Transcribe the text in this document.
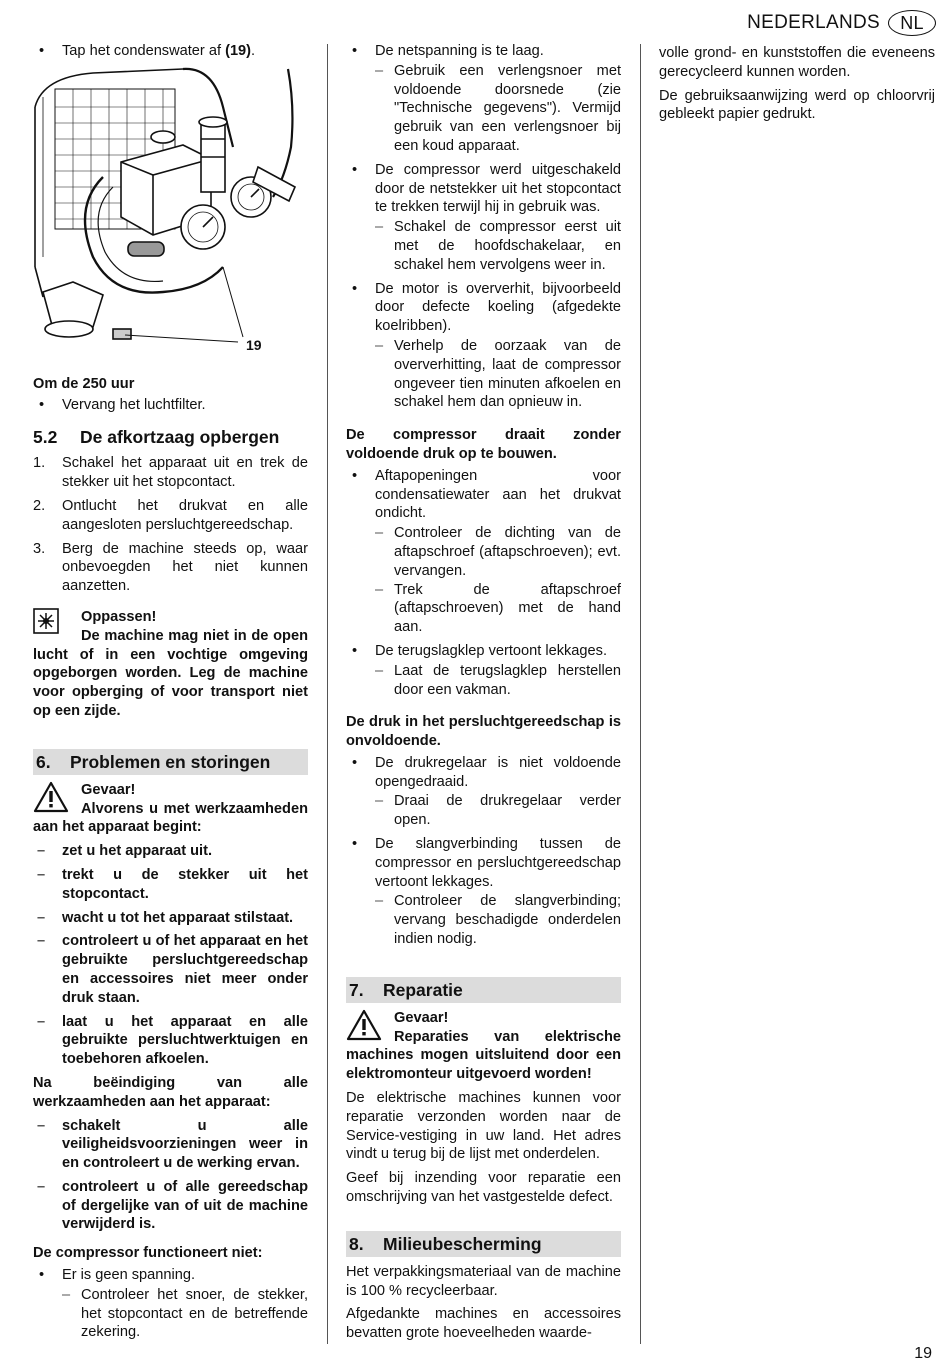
NEDERLANDS	NL
• Tap het condenswater af (19).
19

Om de 250 uur

• Vervang het luchtfilter.
5.2 De afkortzaag opbergen
1. Schakel het apparaat uit en trek de stekker uit het stopcontact.
2. Ontlucht het drukvat en alle aangesloten persluchtgereedschap.
3. Berg de machine steeds op, waar onbevoegden het niet kunnen aanzetten.
Oppassen!
De machine mag niet in de open lucht of in een vochtige omgeving opgeborgen worden. Leg de machine voor opberging of voor transport niet op een zijde.
6. Problemen en storingen
Gevaar!
Alvorens u met werkzaamheden aan het apparaat begint:
– zet u het apparaat uit.
– trekt u de stekker uit het stopcontact.
– wacht u tot het apparaat stilstaat.
– controleert u of het apparaat en het gebruikte persluchtgereedschap en accessoires niet meer onder druk staan.
– laat u het apparaat en alle gebruikte persluchtwerktuigen en toebehoren afkoelen.

Na beëindiging van alle werkzaamheden aan het apparaat:

– schakelt u alle veiligheidsvoorzieningen weer in en controleert u de werking ervan.
– controleert u of alle gereedschap of dergelijke van of uit de machine verwijderd is.

De compressor functioneert niet:

• Er is geen spanning.
– Controleer het snoer, de stekker, het stopcontact en de betreffende zekering.
• De netspanning is te laag.
– Gebruik een verlengsnoer met voldoende doorsnede (zie "Technische gegevens"). Vermijd gebruik van een verlengsnoer bij een koud apparaat.
• De compressor werd uitgeschakeld door de netstekker uit het stopcontact te trekken terwijl hij in gebruik was.
– Schakel de compressor eerst uit met de hoofdschakelaar, en schakel hem vervolgens weer in.
• De motor is oververhit, bijvoorbeeld door defecte koeling (afgedekte koelribben).
– Verhelp de oorzaak van de oververhitting, laat de compressor ongeveer tien minuten afkoelen en schakel hem dan opnieuw in.

De compressor draait zonder voldoende druk op te bouwen.

• Aftapopeningen voor condensatiewater aan het drukvat ondicht.
– Controleer de dichting van de aftapschroef (aftapschroeven); evt. vervangen.
– Trek de aftapschroef (aftapschroeven) met de hand aan.
• De terugslagklep vertoont lekkages.
– Laat de terugslagklep herstellen door een vakman.

De druk in het persluchtgereedschap is onvoldoende.

• De drukregelaar is niet voldoende opengedraaid.
– Draai de drukregelaar verder open.
• De slangverbinding tussen de compressor en persluchtgereedschap vertoont lekkages.
– Controleer de slangverbinding; vervang beschadigde onderdelen indien nodig.
7. Reparatie
Gevaar!
Reparaties van elektrische machines mogen uitsluitend door een elektromonteur uitgevoerd worden!

De elektrische machines kunnen voor reparatie verzonden worden naar de Service-vestiging in uw land. Het adres vindt u terug bij de lijst met onderdelen.

Geef bij inzending voor reparatie een omschrijving van het vastgestelde defect.

8. Milieubescherming

Het verpakkingsmateriaal van de machine is 100 % recycleerbaar.

Afgedankte machines en accessoires bevatten grote hoeveelheden waarde-

volle grond- en kunststoffen die eveneens gerecycleerd kunnen worden.

De gebruiksaanwijzing werd op chloorvrij gebleekt papier gedrukt.

19
